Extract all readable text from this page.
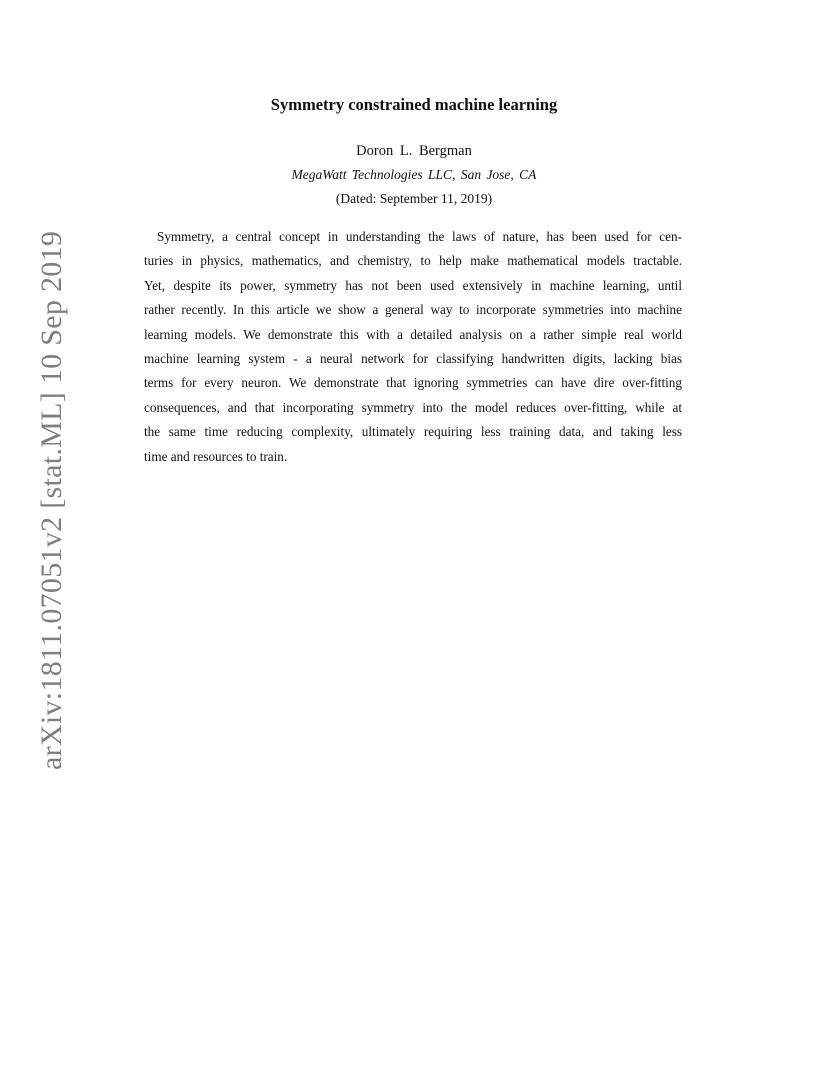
arXiv:1811.07051v2 [stat.ML] 10 Sep 2019
Symmetry constrained machine learning
Doron L. Bergman
MegaWatt Technologies LLC, San Jose, CA
(Dated: September 11, 2019)
Symmetry, a central concept in understanding the laws of nature, has been used for cen-
turies in physics, mathematics, and chemistry, to help make mathematical models tractable.
Yet, despite its power, symmetry has not been used extensively in machine learning, until
rather recently. In this article we show a general way to incorporate symmetries into machine
learning models. We demonstrate this with a detailed analysis on a rather simple real world
machine learning system - a neural network for classifying handwritten digits, lacking bias
terms for every neuron. We demonstrate that ignoring symmetries can have dire over-fitting
consequences, and that incorporating symmetry into the model reduces over-fitting, while at
the same time reducing complexity, ultimately requiring less training data, and taking less
time and resources to train.
